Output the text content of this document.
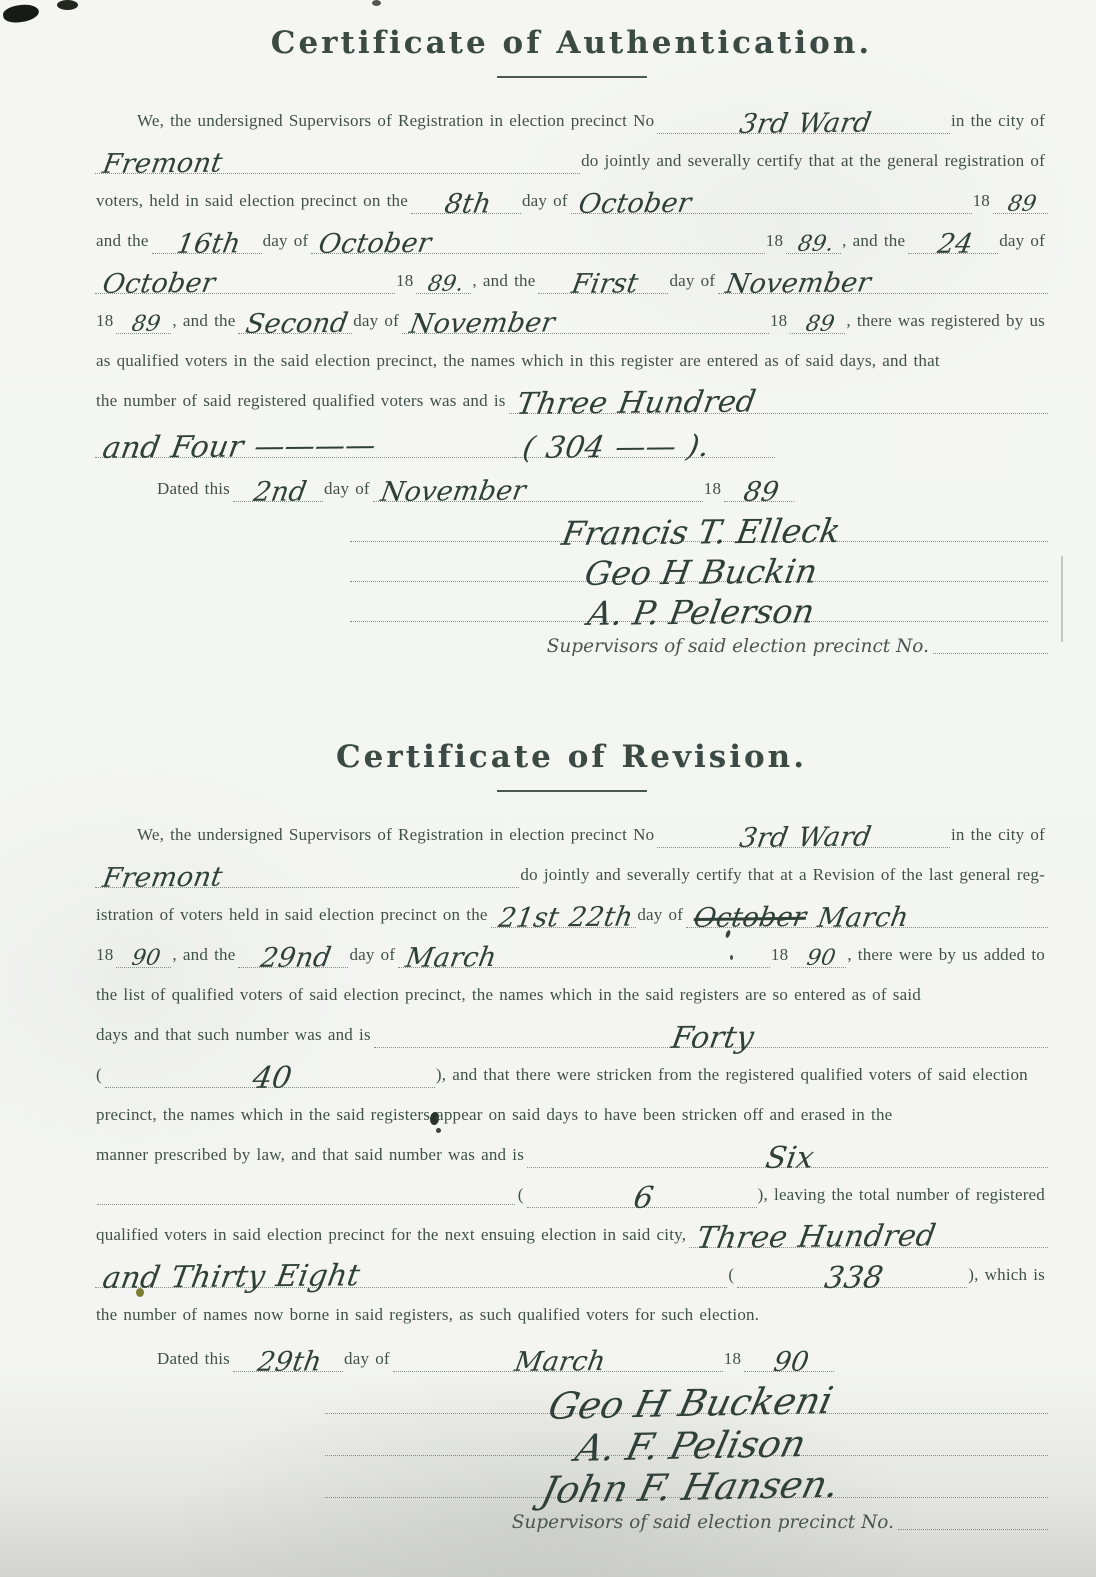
Certificate of Authentication.
We, the undersigned Supervisors of Registration in election precinct No	3rd Ward	in the city of
Fremont	do jointly and severally certify that at the general registration of
voters, held in said election precinct on the 8th	day of October	18 89
and the 16th	day of October	18 89. , and the 24	day of
October	18 89. , and the First	day of November
18 89 , and the Second day of November	18 89 , there was registered by us
as qualified voters in the said election precinct, the names which in this register are entered as of said days, and that
the number of said registered qualified voters was and is Three Hundred
and Four ————	( 304 —— ).
Dated this 2nd day of November	18 89
Francis T. Elleck
Geo H Buckin
A. P. Pelerson
Supervisors of said election precinct No.
Certificate of Revision.
We, the undersigned Supervisors of Registration in election precinct No	3rd Ward	in the city of
Fremont	do jointly and severally certify that at a Revision of the last general reg-
istration of voters held in said election precinct on the 21st 22th day of October March
18 90 , and the 29nd day of March	18 90 , there were by us added to
the list of qualified voters of said election precinct, the names which in the said registers are so entered as of said
days and that such number was and is	Forty
(	40	), and that there were stricken from the registered qualified voters of said election
precinct, the names which in the said registers appear on said days to have been stricken off and erased in the
manner prescribed by law, and that said number was and is	Six
(	6	), leaving the total number of registered
qualified voters in said election precinct for the next ensuing election in said city, Three Hundred
and Thirty Eight	(	338	), which is
the number of names now borne in said registers, as such qualified voters for such election.
Dated this 29th	day of	March	18 90
Geo H Buckeni
A. F. Pelison
John F. Hansen.
Supervisors of said election precinct No.
